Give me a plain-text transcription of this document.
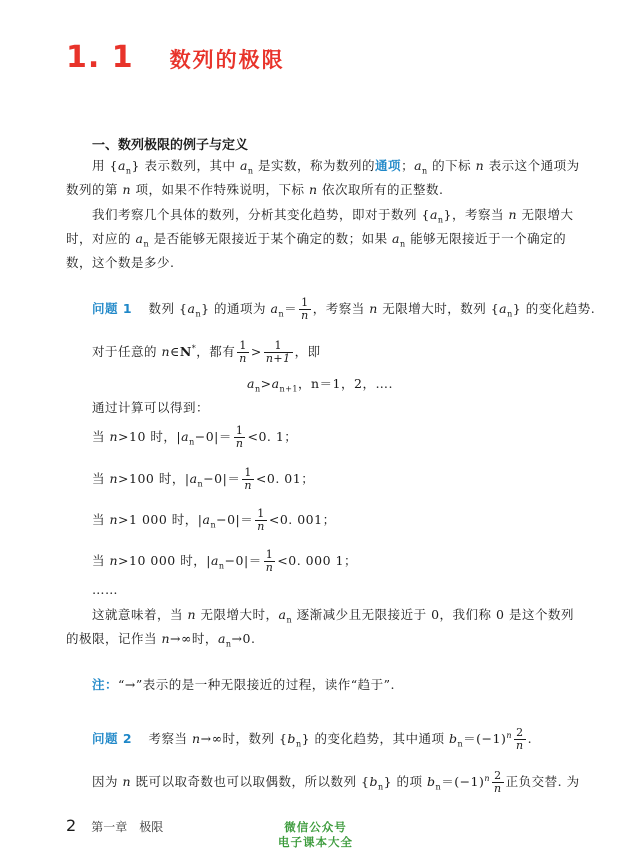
1. 1 数列的极限
一、数列极限的例子与定义
用 $\{a_n\}$ 表示数列，其中 $a_n$ 是实数，称为数列的通项；$a_n$ 的下标 n 表示这个通项为
数列的第 n 项，如果不作特殊说明，下标 n 依次取所有的正整数.
我们考察几个具体的数列，分析其变化趋势，即对于数列 $\{a_n\}$，考察当 n 无限增大
时，对应的 $a_n$ 是否能够无限接近于某个确定的数；如果 $a_n$ 能够无限接近于一个确定的
数，这个数是多少.
问题 1 数列 $\{a_n\}$ 的通项为 $a_n= \frac{1}{n}$ ，考察当 n 无限增大时，数列 $\{a_n\}$ 的变化趋势.
对于任意的 n∈N*，都有 $\frac{1}{n} > \frac{1}{n+1}$ ，即
$a_n>a_{n+1}$，n＝1，2，….
通过计算可以得到：
当 n>10 时，$|a_n-0|= \frac{1}{n} <0$. 1；
当 n>100 时，$|a_n-0|= \frac{1}{n} <0$. 01；
当 n>1 000 时，$|a_n-0|= \frac{1}{n} <0$. 001；
当 n>10 000 时，$|a_n-0|= \frac{1}{n} <0$. 000 1；
……
这就意味着，当 n 无限增大时，$a_n$ 逐渐减少且无限接近于 0，我们称 0 是这个数列
的极限，记作当 n→∞时，$a_n\to 0$.
注：“→”表示的是一种无限接近的过程，读作“趋于”.
问题 2 考察当 n→∞时，数列 $\{b_n\}$ 的变化趋势，其中通项 $b_n=(-1)^n \frac{2}{n}$ .
因为 n 既可以取奇数也可以取偶数，所以数列 $\{b_n\}$ 的项 $b_n=(-1)^n \frac{2}{n}$ 正负交替. 为
2 第一章　极限	微信公众号
电子课本大全
